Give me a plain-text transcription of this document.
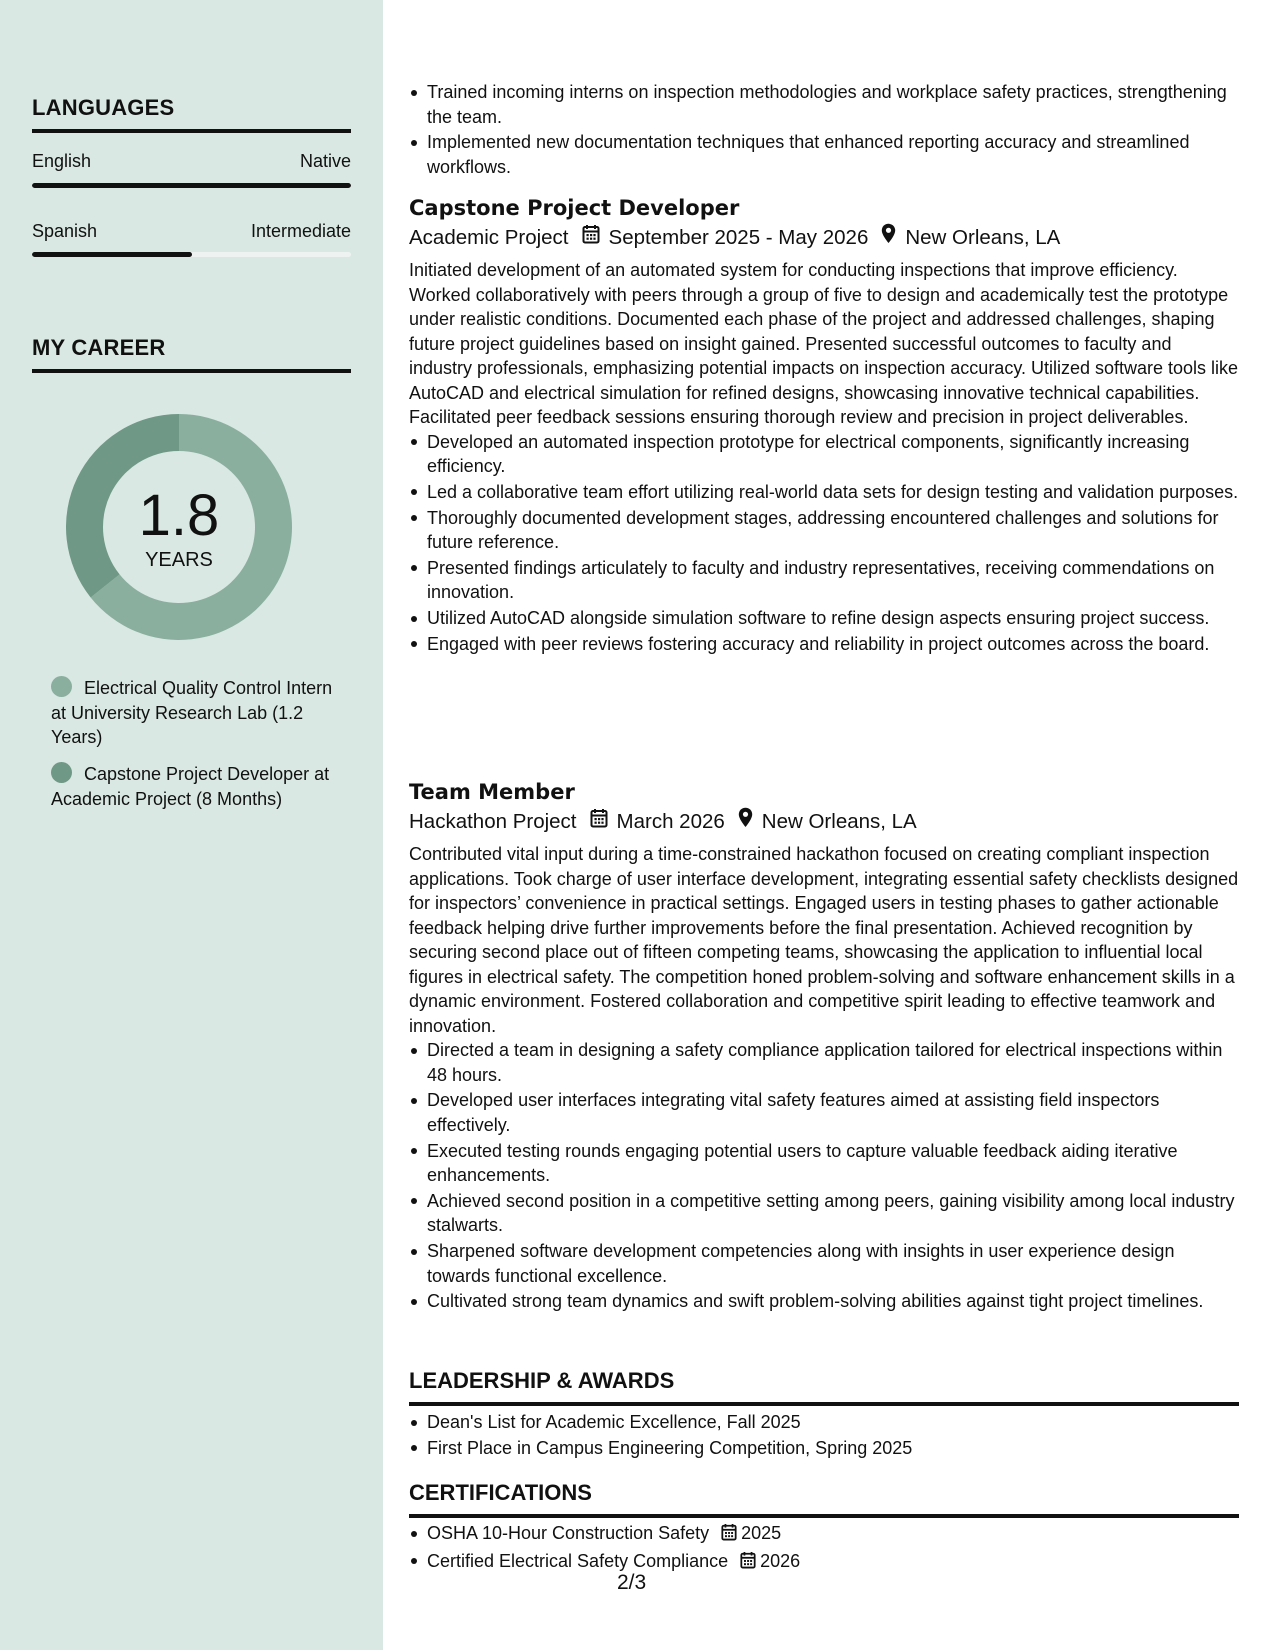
LANGUAGES
English	Native
Spanish	Intermediate
MY CAREER
1.8
YEARS
Electrical Quality Control Intern at University Research Lab (1.2 Years)
Capstone Project Developer at Academic Project (8 Months)
Trained incoming interns on inspection methodologies and workplace safety practices, strengthening the team.
Implemented new documentation techniques that enhanced reporting accuracy and streamlined workflows.
Capstone Project Developer
Academic Project September 2025 - May 2026 New Orleans, LA
Initiated development of an automated system for conducting inspections that improve efficiency. Worked collaboratively with peers through a group of five to design and academically test the prototype under realistic conditions. Documented each phase of the project and addressed challenges, shaping future project guidelines based on insight gained. Presented successful outcomes to faculty and industry professionals, emphasizing potential impacts on inspection accuracy. Utilized software tools like AutoCAD and electrical simulation for refined designs, showcasing innovative technical capabilities. Facilitated peer feedback sessions ensuring thorough review and precision in project deliverables.
Developed an automated inspection prototype for electrical components, significantly increasing efficiency.
Led a collaborative team effort utilizing real-world data sets for design testing and validation purposes.
Thoroughly documented development stages, addressing encountered challenges and solutions for future reference.
Presented findings articulately to faculty and industry representatives, receiving commendations on innovation.
Utilized AutoCAD alongside simulation software to refine design aspects ensuring project success.
Engaged with peer reviews fostering accuracy and reliability in project outcomes across the board.
Team Member
Hackathon Project March 2026 New Orleans, LA
Contributed vital input during a time-constrained hackathon focused on creating compliant inspection applications. Took charge of user interface development, integrating essential safety checklists designed for inspectors’ convenience in practical settings. Engaged users in testing phases to gather actionable feedback helping drive further improvements before the final presentation. Achieved recognition by securing second place out of fifteen competing teams, showcasing the application to influential local figures in electrical safety. The competition honed problem-solving and software enhancement skills in a dynamic environment. Fostered collaboration and competitive spirit leading to effective teamwork and innovation.
Directed a team in designing a safety compliance application tailored for electrical inspections within 48 hours.
Developed user interfaces integrating vital safety features aimed at assisting field inspectors effectively.
Executed testing rounds engaging potential users to capture valuable feedback aiding iterative enhancements.
Achieved second position in a competitive setting among peers, gaining visibility among local industry stalwarts.
Sharpened software development competencies along with insights in user experience design towards functional excellence.
Cultivated strong team dynamics and swift problem-solving abilities against tight project timelines.
LEADERSHIP & AWARDS
Dean's List for Academic Excellence, Fall 2025
First Place in Campus Engineering Competition, Spring 2025
CERTIFICATIONS
OSHA 10-Hour Construction Safety 2025
Certified Electrical Safety Compliance 2026
2/3
